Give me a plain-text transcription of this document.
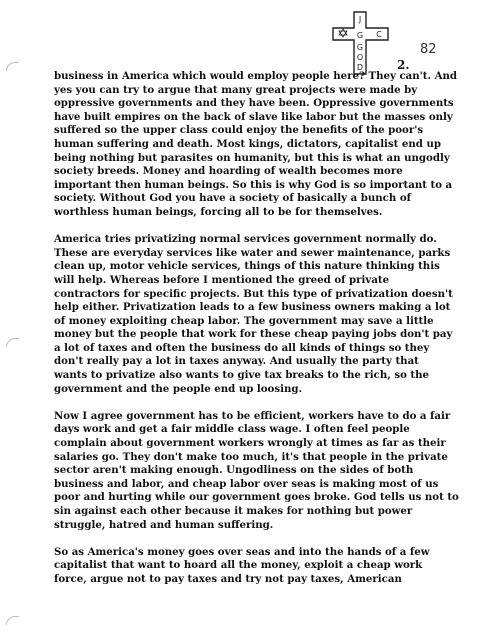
J
C
G
G
O
D
82
2.

business in America which would employ people here? They can't. And
yes you can try to argue that many great projects were made by
oppressive governments and they have been. Oppressive governments
have built empires on the back of slave like labor but the masses only
suffered so the upper class could enjoy the benefits of the poor's
human suffering and death. Most kings, dictators, capitalist end up
being nothing but parasites on humanity, but this is what an ungodly
society breeds. Money and hoarding of wealth becomes more
important then human beings. So this is why God is so important to a
society. Without God you have a society of basically a bunch of
worthless human beings, forcing all to be for themselves.

America tries privatizing normal services government normally do.
These are everyday services like water and sewer maintenance, parks
clean up, motor vehicle services, things of this nature thinking this
will help. Whereas before I mentioned the greed of private
contractors for specific projects. But this type of privatization doesn't
help either. Privatization leads to a few business owners making a lot
of money exploiting cheap labor. The government may save a little
money but the people that work for these cheap paying jobs don't pay
a lot of taxes and often the business do all kinds of things so they
don't really pay a lot in taxes anyway. And usually the party that
wants to privatize also wants to give tax breaks to the rich, so the
government and the people end up loosing.

Now I agree government has to be efficient, workers have to do a fair
days work and get a fair middle class wage. I often feel people
complain about government workers wrongly at times as far as their
salaries go. They don't make too much, it's that people in the private
sector aren't making enough. Ungodliness on the sides of both
business and labor, and cheap labor over seas is making most of us
poor and hurting while our government goes broke. God tells us not to
sin against each other because it makes for nothing but power
struggle, hatred and human suffering.

So as America's money goes over seas and into the hands of a few
capitalist that want to hoard all the money, exploit a cheap work
force, argue not to pay taxes and try not pay taxes, American
